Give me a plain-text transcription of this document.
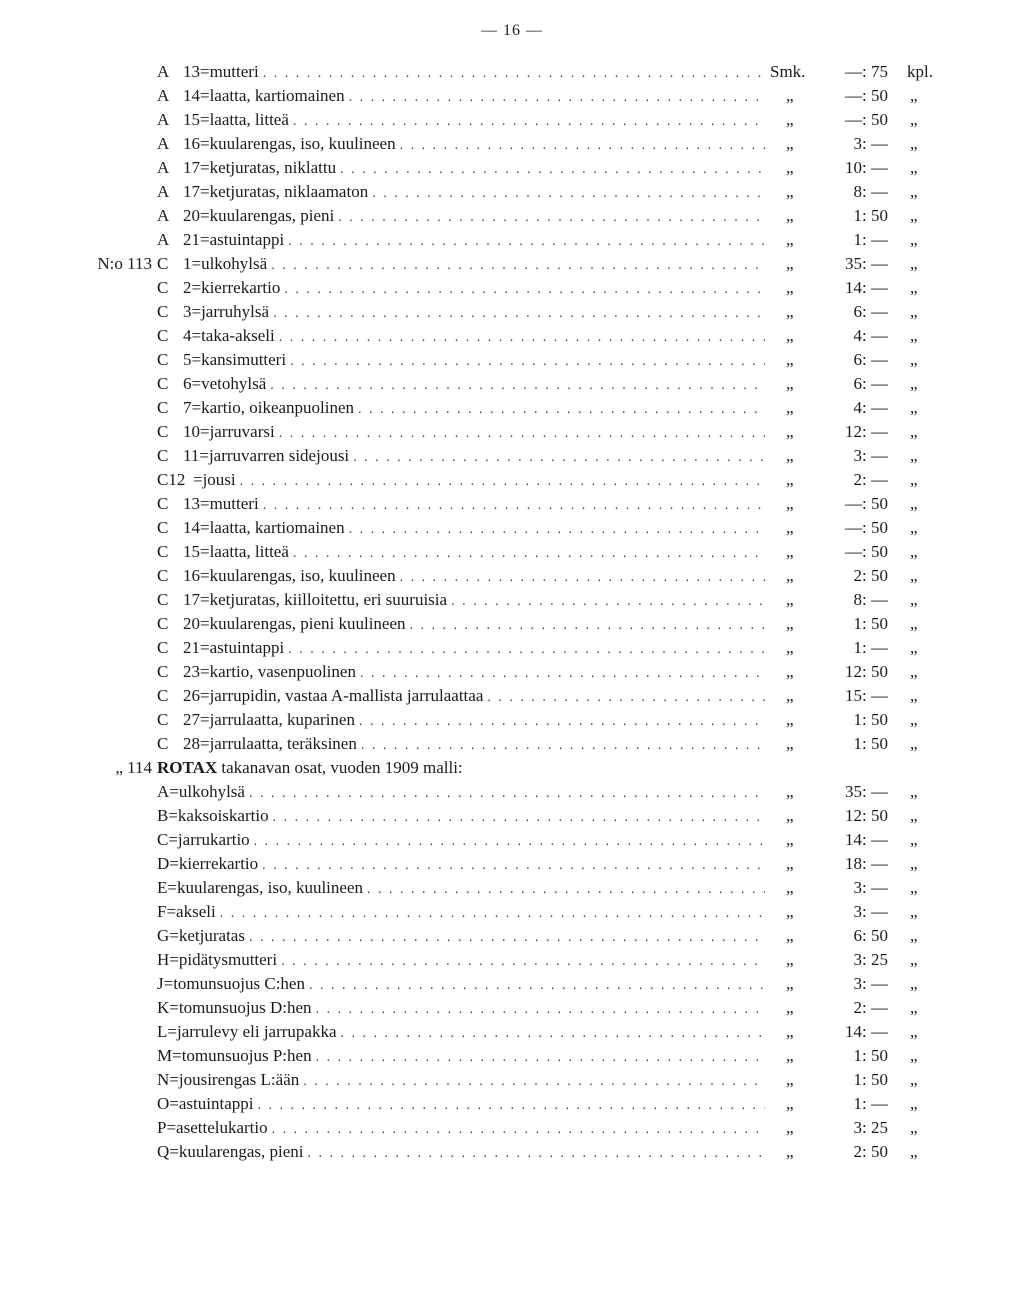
— 16 —
A 13=mutteri . . .	Smk.	—: 75 kpl.
A 14=laatta, kartiomainen . . .	„	—: 50 „
A 15=laatta, litteä . . .	„	—: 50 „
A 16=kuularengas, iso, kuulineen . . .	„	3: — „
A 17=ketjuratas, niklattu . . .	„	10: — „
A 17=ketjuratas, niklaamaton . . .	„	8: — „
A 20=kuularengas, pieni . . .	„	1: 50 „
A 21=astuintappi . . .	„	1: — „
N:o 113 C 1=ulkohylsä . . .	„	35: — „
C 2=kierrekartio . . .	„	14: — „
C 3=jarruhylsä . . .	„	6: — „
C 4=taka-akseli . . .	„	4: — „
C 5=kansimutteri . . .	„	6: — „
C 6=vetohylsä . . .	„	6: — „
C 7=kartio, oikeanpuolinen . . .	„	4: — „
C 10=jarruvarsi . . .	„	12: — „
C 11=jarruvarren sidejousi . . .	„	3: — „
C12 =jousi . . .	„	2: — „
C 13=mutteri . . .	„	—: 50 „
C 14=laatta, kartiomainen . . .	„	—: 50 „
C 15=laatta, litteä . . .	„	—: 50 „
C 16=kuularengas, iso, kuulineen . . .	„	2: 50 „
C 17=ketjuratas, kiilloitettu, eri suuruisia . . .	„	8: — „
C 20=kuularengas, pieni kuulineen . . .	„	1: 50 „
C 21=astuintappi . . .	„	1: — „
C 23=kartio, vasenpuolinen . . .	„	12: 50 „
C 26=jarrupidin, vastaa A-mallista jarrulaattaa . . .	„	15: — „
C 27=jarrulaatta, kuparinen . . .	„	1: 50 „
C 28=jarrulaatta, teräksinen . . .	„	1: 50 „
„ 114 ROTAX takanavan osat, vuoden 1909 malli:
A=ulkohylsä . . .	„	35: — „
B=kaksoiskartio . . .	„	12: 50 „
C=jarrukartio . . .	„	14: — „
D=kierrekartio . . .	„	18: — „
E=kuularengas, iso, kuulineen . . .	„	3: — „
F=akseli . . .	„	3: — „
G=ketjuratas . . .	„	6: 50 „
H=pidätysmutteri . . .	„	3: 25 „
J=tomunsuojus C:hen . . .	„	3: — „
K=tomunsuojus D:hen . . .	„	2: — „
L=jarrulevy eli jarrupakka . . .	„	14: — „
M=tomunsuojus P:hen . . .	„	1: 50 „
N=jousirengas L:ään . . .	„	1: 50 „
O=astuintappi . . .	„	1: — „
P=asettelukartio . . .	„	3: 25 „
Q=kuularengas, pieni . . .	„	2: 50 „
